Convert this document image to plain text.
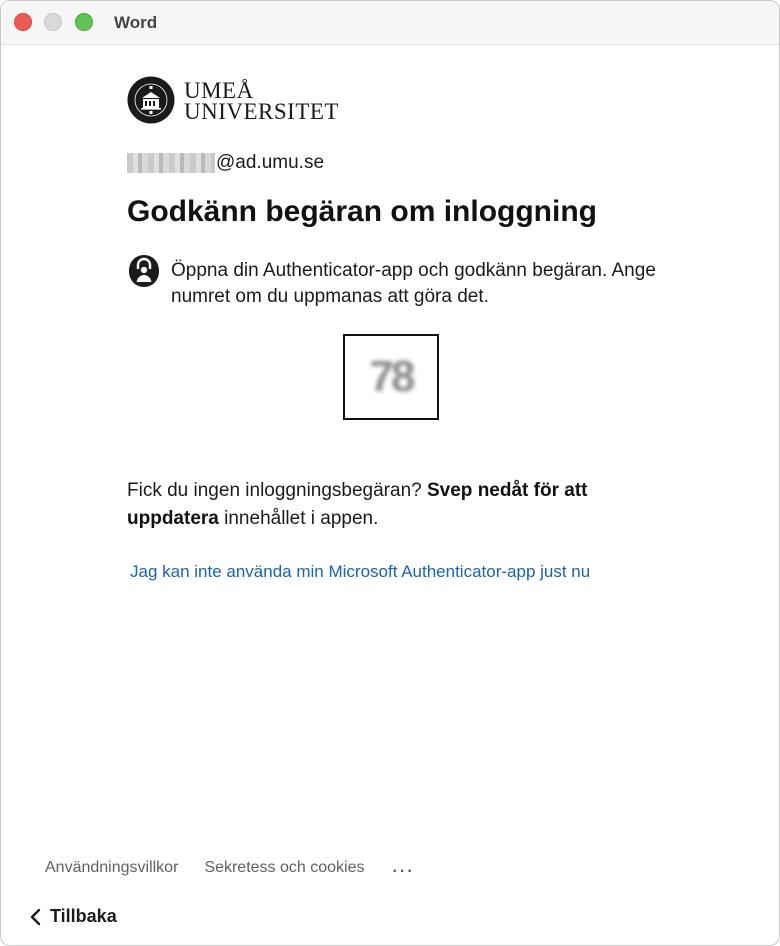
Word
UMEÅ
UNIVERSITET
@ad.umu.se
Godkänn begäran om inloggning
Öppna din Authenticator-app och godkänn begäran. Ange numret om du uppmanas att göra det.
78
Fick du ingen inloggningsbegäran? Svep nedåt för att uppdatera innehållet i appen.
Jag kan inte använda min Microsoft Authenticator-app just nu
Användningsvillkor Sekretess och cookies ...
Tillbaka
